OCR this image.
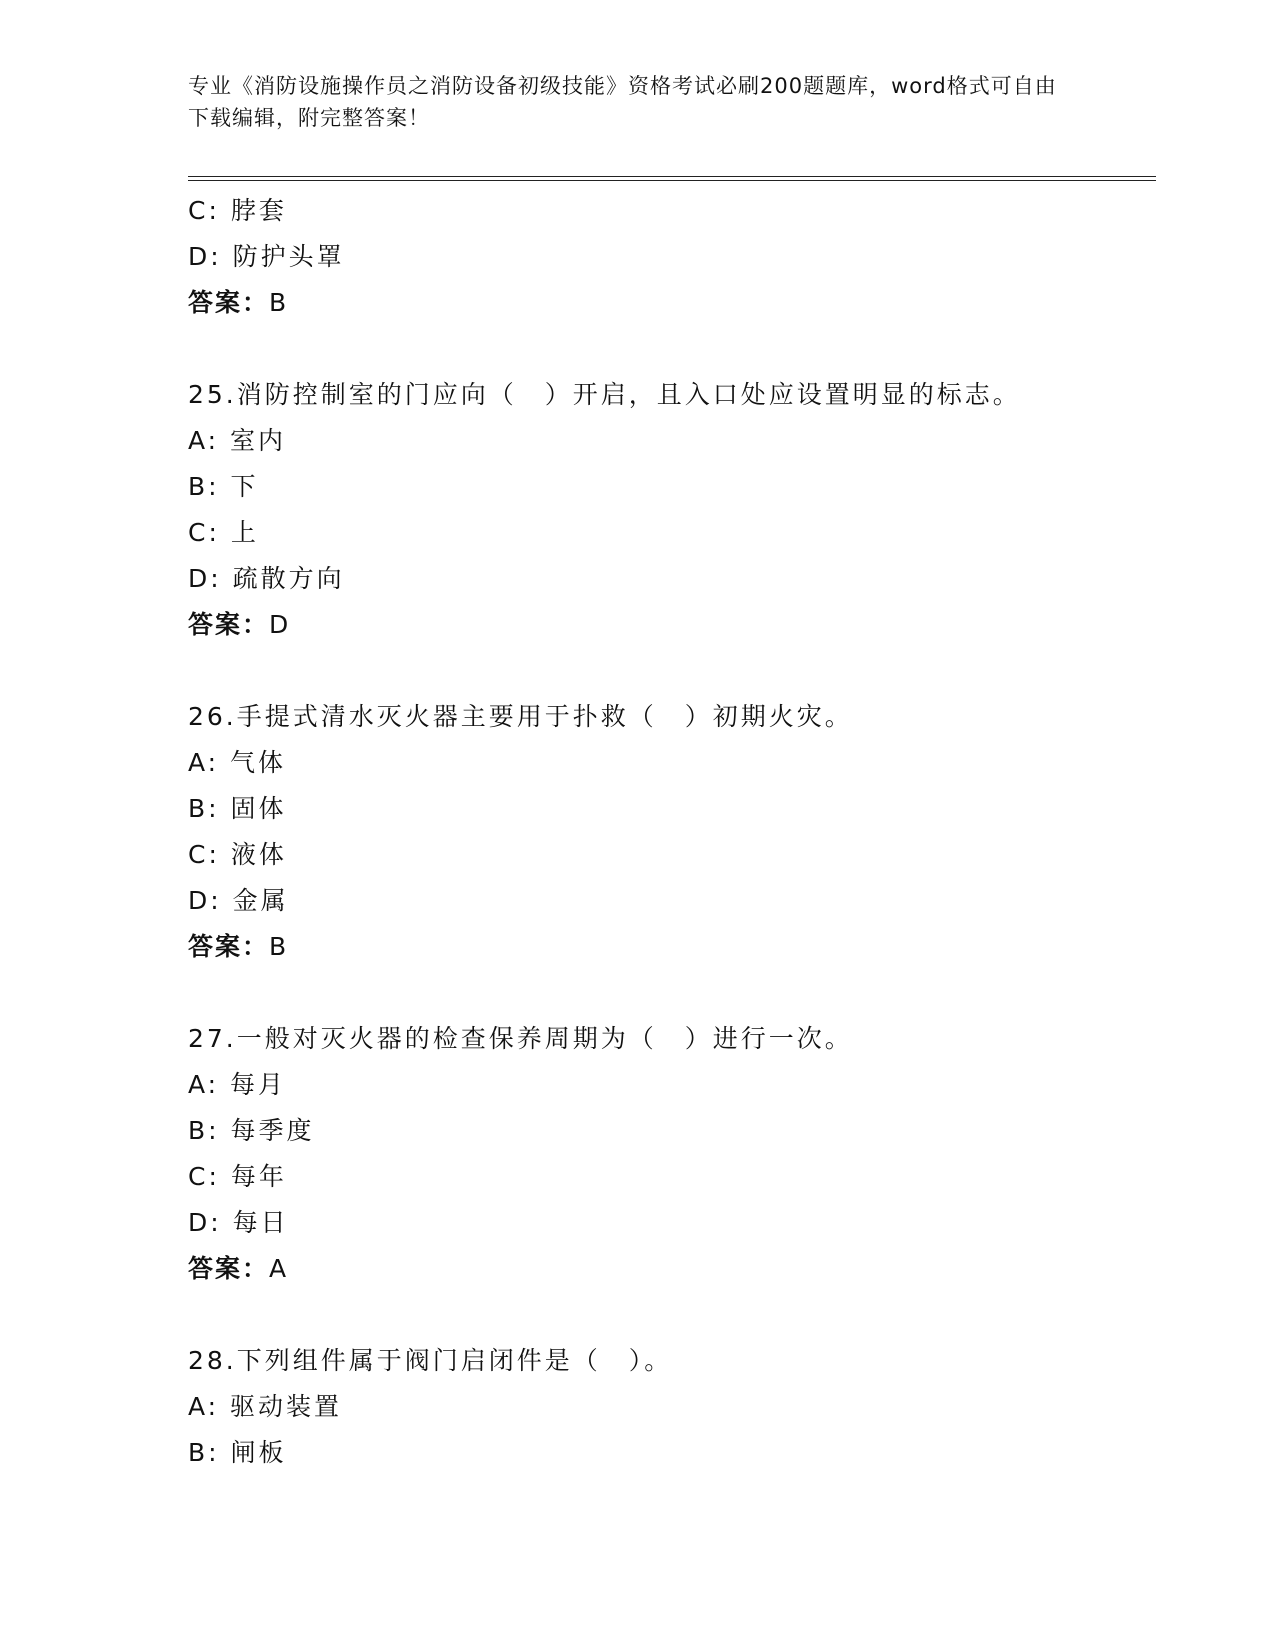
专业《消防设施操作员之消防设备初级技能》资格考试必刷200题题库，word格式可自由下载编辑，附完整答案！
C: 脖套
D: 防护头罩
答案：B
25.消防控制室的门应向（　）开启，且入口处应设置明显的标志。
A: 室内
B: 下
C: 上
D: 疏散方向
答案：D
26.手提式清水灭火器主要用于扑救（　）初期火灾。
A: 气体
B: 固体
C: 液体
D: 金属
答案：B
27.一般对灭火器的检查保养周期为（　）进行一次。
A: 每月
B: 每季度
C: 每年
D: 每日
答案：A
28.下列组件属于阀门启闭件是（　）。
A: 驱动装置
B: 闸板
